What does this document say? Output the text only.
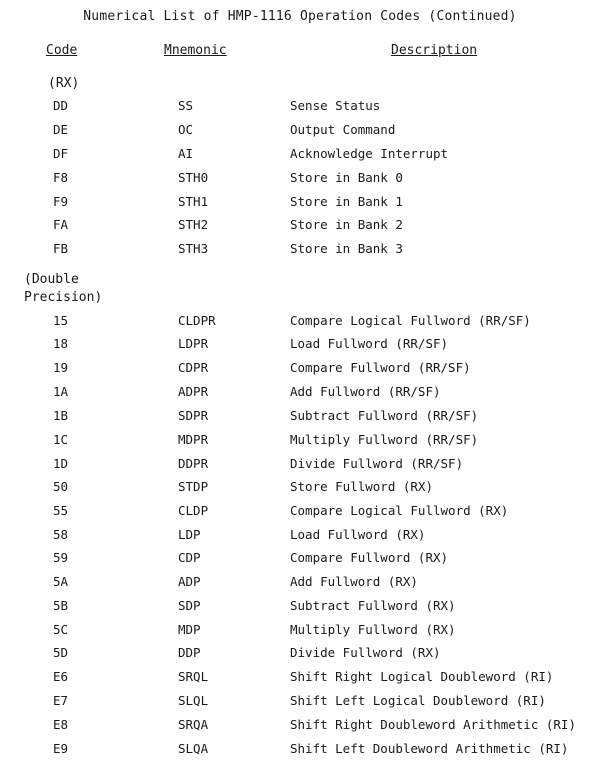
Numerical List of HMP-1116 Operation Codes (Continued)
Code	Mnemonic	Description
(RX)
DD	SS	Sense Status
DE	OC	Output Command
DF	AI	Acknowledge Interrupt
F8	STH0	Store in Bank 0
F9	STH1	Store in Bank 1
FA	STH2	Store in Bank 2
FB	STH3	Store in Bank 3
(Double
Precision)
15	CLDPR	Compare Logical Fullword (RR/SF)
18	LDPR	Load Fullword (RR/SF)
19	CDPR	Compare Fullword (RR/SF)
1A	ADPR	Add Fullword (RR/SF)
1B	SDPR	Subtract Fullword (RR/SF)
1C	MDPR	Multiply Fullword (RR/SF)
1D	DDPR	Divide Fullword (RR/SF)
50	STDP	Store Fullword (RX)
55	CLDP	Compare Logical Fullword (RX)
58	LDP	Load Fullword (RX)
59	CDP	Compare Fullword (RX)
5A	ADP	Add Fullword (RX)
5B	SDP	Subtract Fullword (RX)
5C	MDP	Multiply Fullword (RX)
5D	DDP	Divide Fullword (RX)
E6	SRQL	Shift Right Logical Doubleword (RI)
E7	SLQL	Shift Left Logical Doubleword (RI)
E8	SRQA	Shift Right Doubleword Arithmetic (RI)
E9	SLQA	Shift Left Doubleword Arithmetic (RI)
